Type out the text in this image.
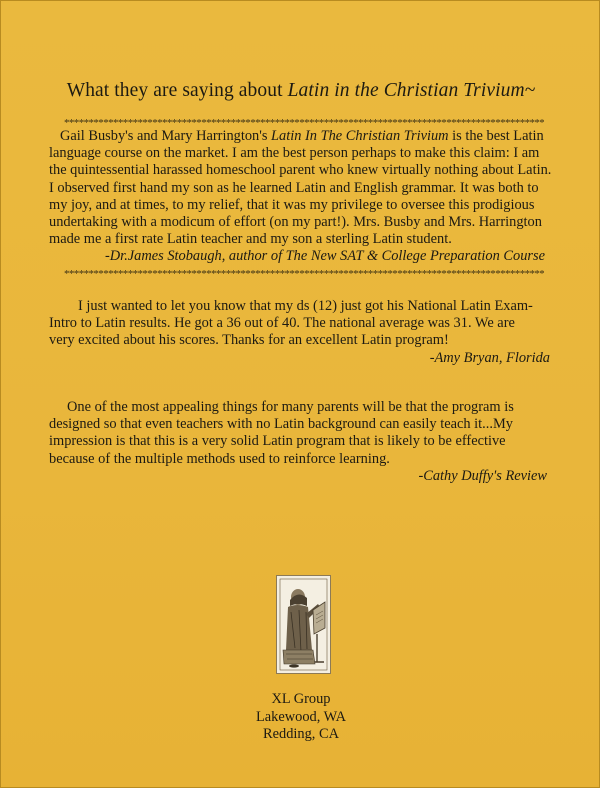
What they are saying about Latin in the Christian Trivium~
**************************************************************************************************

Gail Busby's and Mary Harrington's Latin In The Christian Trivium is the best Latin

language course on the market. I am the best person perhaps to make this claim: I am

the quintessential harassed homeschool parent who knew virtually nothing about Latin.

I observed first hand my son as he learned Latin and English grammar. It was both to

my joy, and at times, to my relief, that it was my privilege to oversee this prodigious

undertaking with a modicum of effort (on my part!). Mrs. Busby and Mrs. Harrington

made me a first rate Latin teacher and my son a sterling Latin student.

-Dr.James Stobaugh, author of The New SAT & College Preparation Course

**************************************************************************************************

I just wanted to let you know that my ds (12) just got his National Latin Exam-

Intro to Latin results. He got a 36 out of 40. The national average was 31. We are

very excited about his scores. Thanks for an excellent Latin program!

-Amy Bryan, Florida

One of the most appealing things for many parents will be that the program is

designed so that even teachers with no Latin background can easily teach it...My

impression is that this is a very solid Latin program that is likely to be effective

because of the multiple methods used to reinforce learning.

-Cathy Duffy's Review

XL Group
Lakewood, WA
Redding, CA
